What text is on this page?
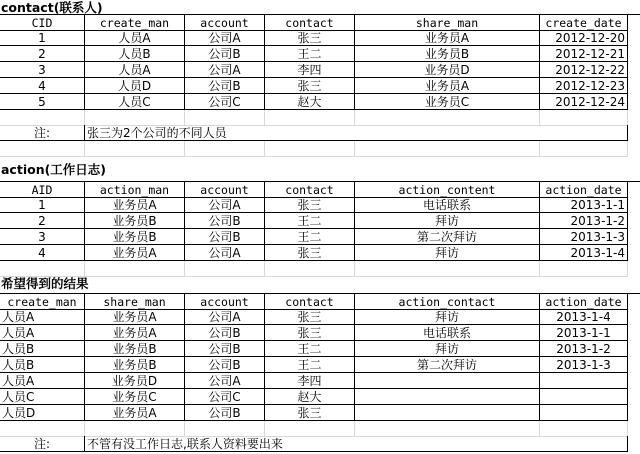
contact(联系人)
CID	create_man	account	contact	share_man	create_date
1	人员A	公司A	张三	业务员A	2012-12-20
2	人员B	公司B	王二	业务员B	2012-12-21
3	人员A	公司A	李四	业务员D	2012-12-22
4	人员D	公司B	张三	业务员A	2012-12-23
5	人员C	公司C	赵大	业务员C	2012-12-24
注:	张三为2个公司的不同人员
action(工作日志)
AID	action_man	account	contact	action_content	action_date
1	业务员A	公司A	张三	电话联系	2013-1-1
2	业务员B	公司B	王二	拜访	2013-1-2
3	业务员B	公司B	王二	第二次拜访	2013-1-3
4	业务员A	公司A	张三	拜访	2013-1-4
希望得到的结果
create_man	share_man	account	contact	action_contact	action_date
人员A	业务员A	公司A	张三	拜访	2013-1-4
人员A	业务员A	公司B	张三	电话联系	2013-1-1
人员B	业务员B	公司B	王二	拜访	2013-1-2
人员B	业务员B	公司B	王二	第二次拜访	2013-1-3
人员A	业务员D	公司A	李四
人员C	业务员C	公司C	赵大
人员D	业务员A	公司B	张三
注:	不管有没工作日志,联系人资料要出来
